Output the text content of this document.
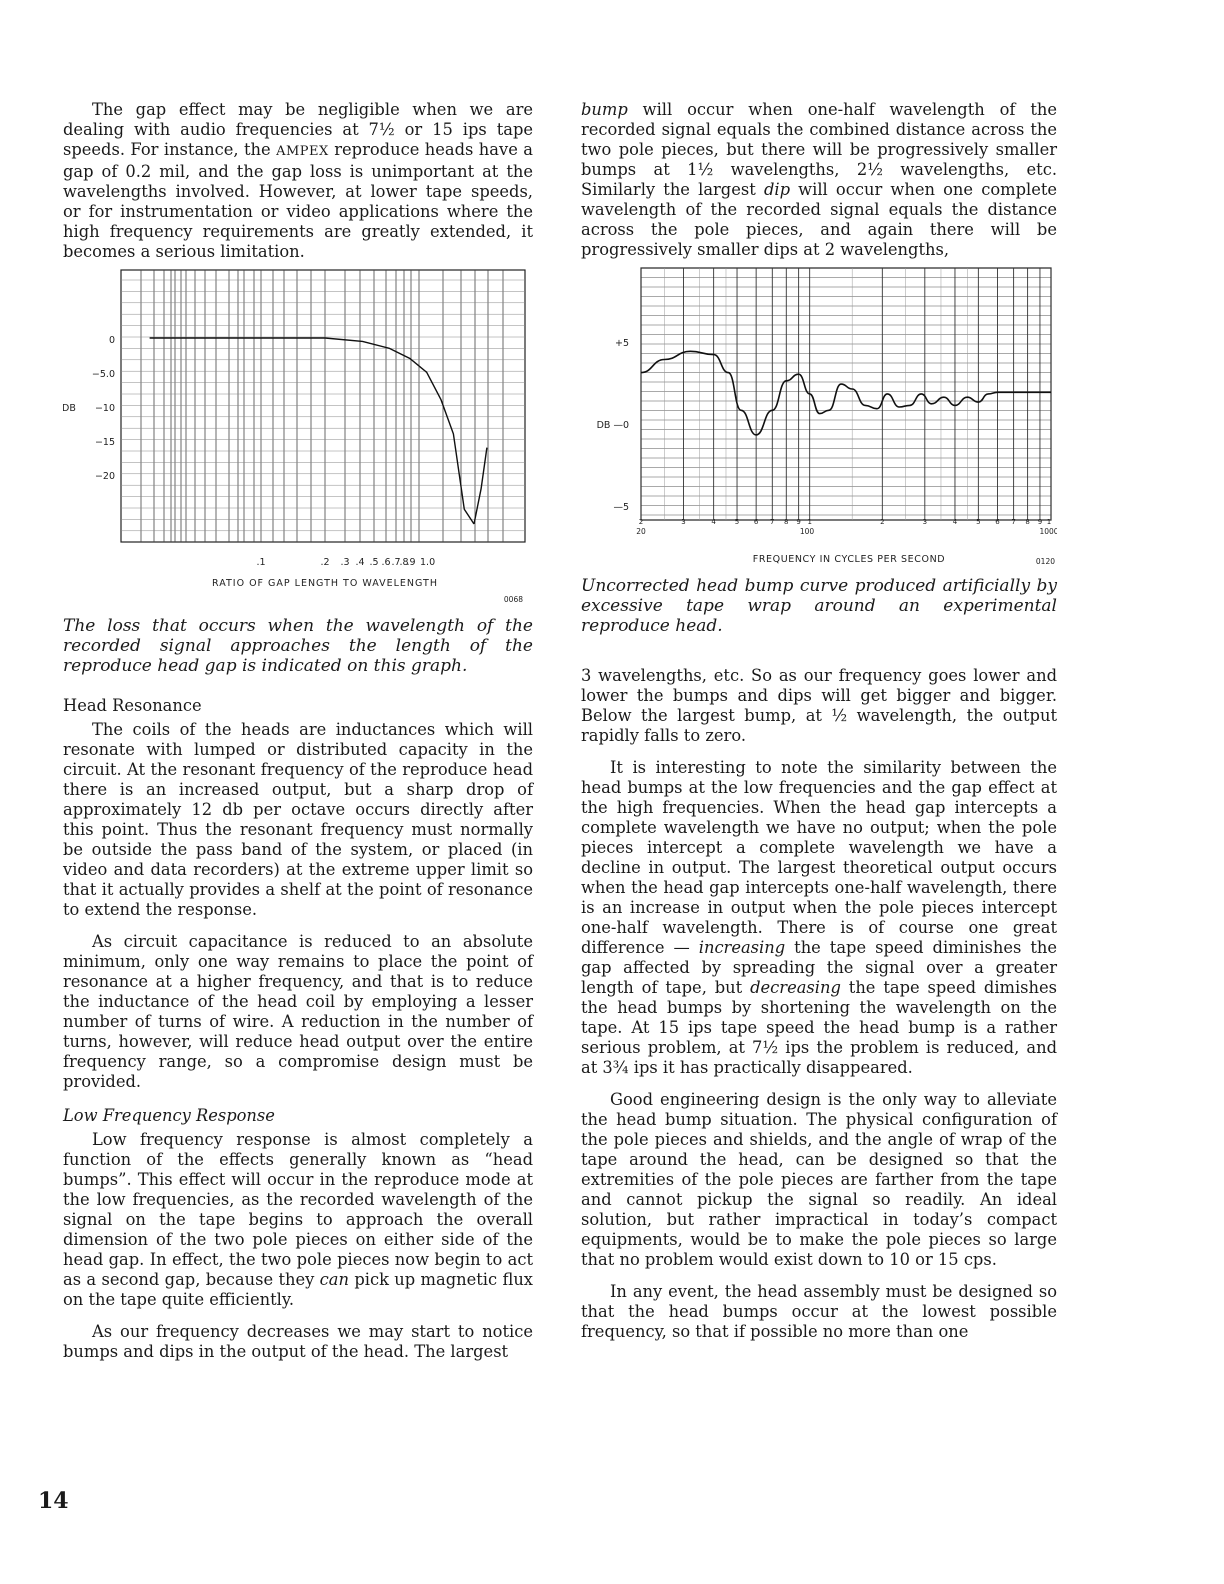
The gap effect may be negligible when we are dealing with audio frequencies at 7½ or 15 ips tape speeds. For instance, the AMPEX reproduce heads have a gap of 0.2 mil, and the gap loss is unimportant at the wavelengths involved. However, at lower tape speeds, or for instrumentation or video applications where the high frequency requirements are greatly extended, it becomes a serious limitation.

DB
0
−5.0
−10
−15
−20
.1	.2 .3 .4 .5 .6 .7
.8
.9 1.0
RATIO OF GAP LENGTH TO WAVELENGTH
0068

The loss that occurs when the wavelength of the recorded signal approaches the length of the reproduce head gap is indicated on this graph.

Head Resonance

The coils of the heads are inductances which will resonate with lumped or distributed capacity in the circuit. At the resonant frequency of the reproduce head there is an increased output, but a sharp drop of approximately 12 db per octave occurs directly after this point. Thus the resonant frequency must normally be outside the pass band of the system, or placed (in video and data recorders) at the extreme upper limit so that it actually provides a shelf at the point of resonance to extend the response.

As circuit capacitance is reduced to an absolute minimum, only one way remains to place the point of resonance at a higher frequency, and that is to reduce the inductance of the head coil by employing a lesser number of turns of wire. A reduction in the number of turns, however, will reduce head output over the entire frequency range, so a compromise design must be provided.

Low Frequency Response

Low frequency response is almost completely a function of the effects generally known as “head bumps”. This effect will occur in the reproduce mode at the low frequencies, as the recorded wavelength of the signal on the tape begins to approach the overall dimension of the two pole pieces on either side of the head gap. In effect, the two pole pieces now begin to act as a second gap, because they can pick up magnetic flux on the tape quite efficiently.

As our frequency decreases we may start to notice bumps and dips in the output of the head. The largest

bump will occur when one-half wavelength of the recorded signal equals the combined distance across the two pole pieces, but there will be progressively smaller bumps at 1½ wavelengths, 2½ wavelengths, etc. Similarly the largest dip will occur when one complete wavelength of the recorded signal equals the distance across the pole pieces, and again there will be progressively smaller dips at 2 wavelengths,

+5
DB —0
—5
2	3	4	5 6 7 8 9 1	2	3	4	5 6 7 8 9 1
20	100	1000
FREQUENCY IN CYCLES PER SECOND	0120

Uncorrected head bump curve produced artificially by excessive tape wrap around an experimental reproduce head.

3 wavelengths, etc. So as our frequency goes lower and lower the bumps and dips will get bigger and bigger. Below the largest bump, at ½ wavelength, the output rapidly falls to zero.

It is interesting to note the similarity between the head bumps at the low frequencies and the gap effect at the high frequencies. When the head gap intercepts a complete wavelength we have no output; when the pole pieces intercept a complete wavelength we have a decline in output. The largest theoretical output occurs when the head gap intercepts one-half wavelength, there is an increase in output when the pole pieces intercept one-half wavelength. There is of course one great difference — increasing the tape speed diminishes the gap affected by spreading the signal over a greater length of tape, but decreasing the tape speed dimishes the head bumps by shortening the wavelength on the tape. At 15 ips tape speed the head bump is a rather serious problem, at 7½ ips the problem is reduced, and at 3¾ ips it has practically disappeared.

Good engineering design is the only way to alleviate the head bump situation. The physical configuration of the pole pieces and shields, and the angle of wrap of the tape around the head, can be designed so that the extremities of the pole pieces are farther from the tape and cannot pickup the signal so readily. An ideal solution, but rather impractical in today’s compact equipments, would be to make the pole pieces so large that no problem would exist down to 10 or 15 cps.

In any event, the head assembly must be designed so that the head bumps occur at the lowest possible frequency, so that if possible no more than one

14
